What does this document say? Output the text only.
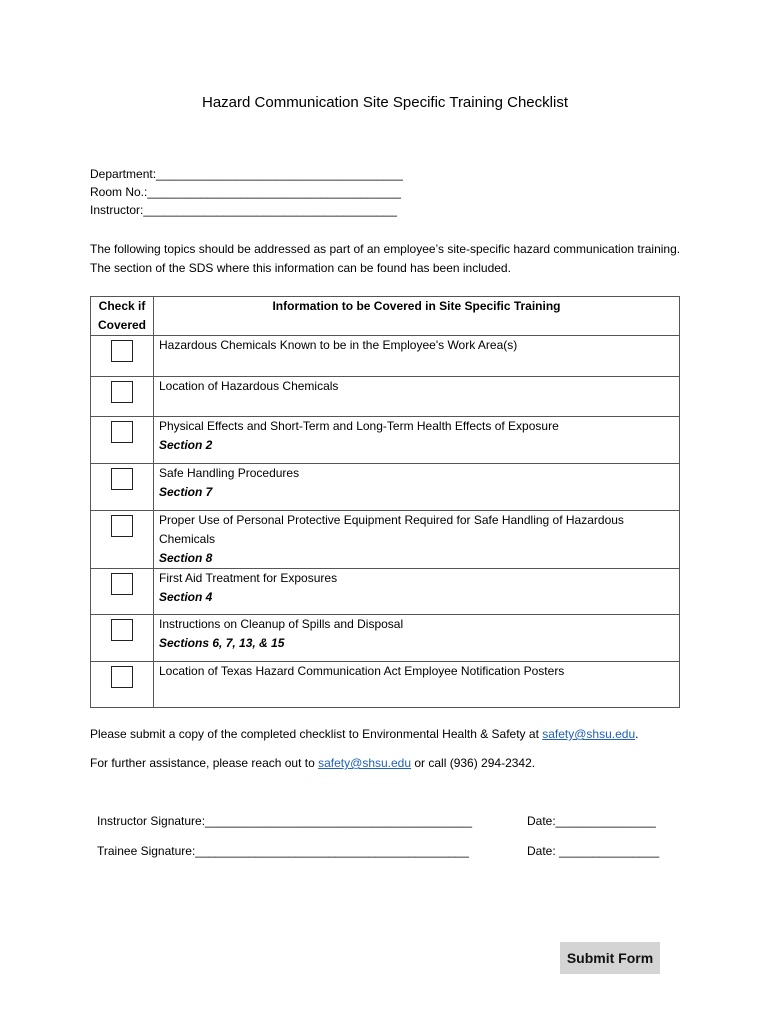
Hazard Communication Site Specific Training Checklist
Department:_____________________________________
Room No.:______________________________________
Instructor:______________________________________
The following topics should be addressed as part of an employee’s site-specific hazard communication training. The section of the SDS where this information can be found has been included.
Check if Covered	Information to be Covered in Site Specific Training

	Hazardous Chemicals Known to be in the Employee's Work Area(s)

	Location of Hazardous Chemicals

	Physical Effects and Short-Term and Long-Term Health Effects of Exposure
Section 2

	Safe Handling Procedures
Section 7

	Proper Use of Personal Protective Equipment Required for Safe Handling of Hazardous Chemicals
Section 8

	First Aid Treatment for Exposures
Section 4

	Instructions on Cleanup of Spills and Disposal
Sections 6, 7, 13, & 15

	Location of Texas Hazard Communication Act Employee Notification Posters
Please submit a copy of the completed checklist to Environmental Health & Safety at safety@shsu.edu.
For further assistance, please reach out to safety@shsu.edu or call (936) 294-2342.
Instructor Signature:________________________________________	Date:_______________
Trainee Signature:_________________________________________	Date: _______________
Submit Form
